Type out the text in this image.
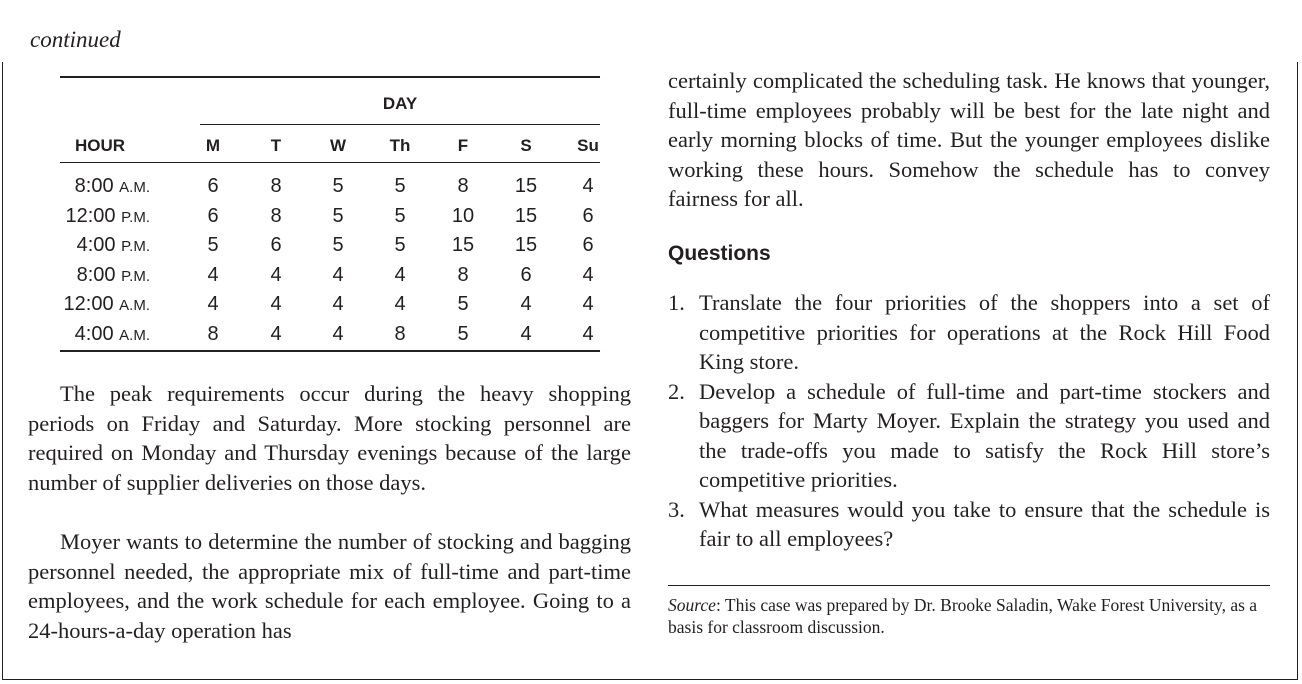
continued
DAY
HOUR	M	T	W	Th	F	S	Su
8:00 A.M.	6	8	5	5	8	15	4
12:00 P.M.	6	8	5	5	10	15	6
4:00 P.M.	5	6	5	5	15	15	6
8:00 P.M.	4	4	4	4	8	6	4
12:00 A.M.	4	4	4	4	5	4	4
4:00 A.M.	8	4	4	8	5	4	4
The peak requirements occur during the heavy shopping periods on Friday and Saturday. More stocking personnel are required on Monday and Thursday evenings because of the large number of supplier deliveries on those days.
Moyer wants to determine the number of stocking and bagging personnel needed, the appropriate mix of full-time and part-time employees, and the work schedule for each employee. Going to a 24-hours-a-day operation has
certainly complicated the scheduling task. He knows that younger, full-time employees probably will be best for the late night and early morning blocks of time. But the younger employees dislike working these hours. Somehow the schedule has to convey fairness for all.
Questions
1. Translate the four priorities of the shoppers into a set of competitive priorities for operations at the Rock Hill Food King store.
2. Develop a schedule of full-time and part-time stockers and baggers for Marty Moyer. Explain the strategy you used and the trade-offs you made to satisfy the Rock Hill store’s competitive priorities.
3. What measures would you take to ensure that the schedule is fair to all employees?
Source: This case was prepared by Dr. Brooke Saladin, Wake Forest University, as a basis for classroom discussion.
